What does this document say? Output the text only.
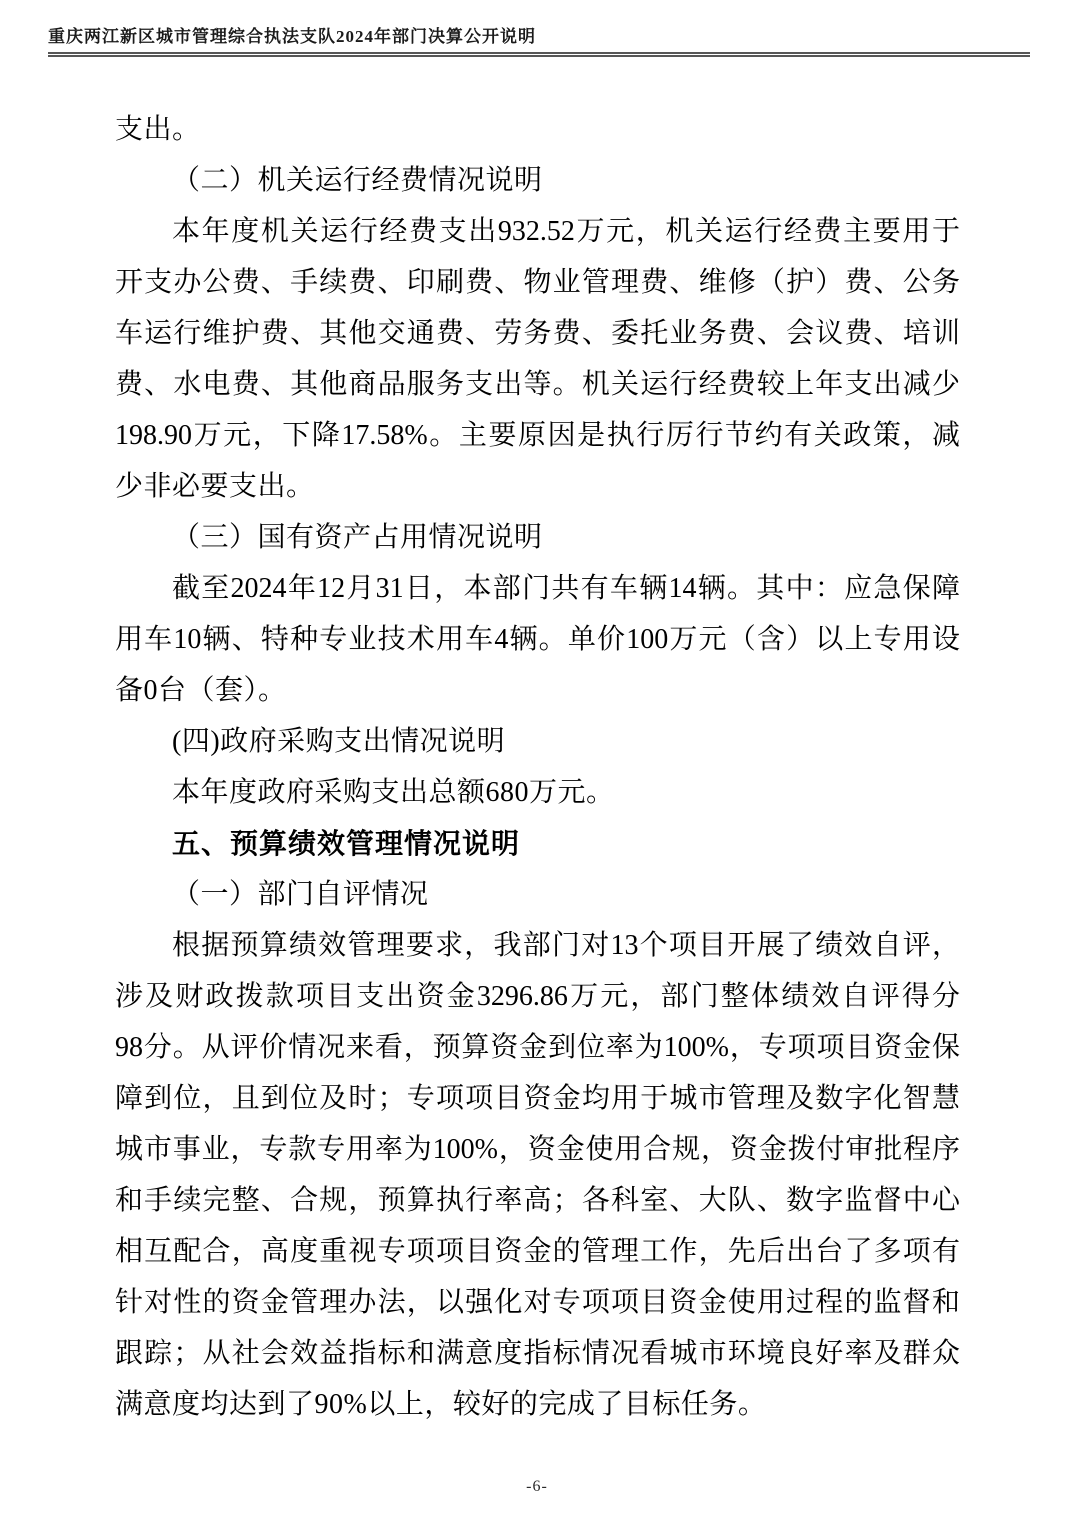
重庆两江新区城市管理综合执法支队2024年部门决算公开说明
支出。
（二）机关运行经费情况说明
本年度机关运行经费支出932.52万元，机关运行经费主要用于
开支办公费、手续费、印刷费、物业管理费、维修（护）费、公务
车运行维护费、其他交通费、劳务费、委托业务费、会议费、培训
费、水电费、其他商品服务支出等。机关运行经费较上年支出减少
198.90万元，下降17.58%。主要原因是执行厉行节约有关政策，减
少非必要支出。
（三）国有资产占用情况说明
截至2024年12月31日，本部门共有车辆14辆。其中：应急保障
用车10辆、特种专业技术用车4辆。单价100万元（含）以上专用设
备0台（套）。
(四)政府采购支出情况说明
本年度政府采购支出总额680万元。
五、预算绩效管理情况说明
（一）部门自评情况
根据预算绩效管理要求，我部门对13个项目开展了绩效自评，
涉及财政拨款项目支出资金3296.86万元，部门整体绩效自评得分
98分。从评价情况来看，预算资金到位率为100%，专项项目资金保
障到位，且到位及时；专项项目资金均用于城市管理及数字化智慧
城市事业，专款专用率为100%，资金使用合规，资金拨付审批程序
和手续完整、合规，预算执行率高；各科室、大队、数字监督中心
相互配合，高度重视专项项目资金的管理工作，先后出台了多项有
针对性的资金管理办法，以强化对专项项目资金使用过程的监督和
跟踪；从社会效益指标和满意度指标情况看城市环境良好率及群众
满意度均达到了90%以上，较好的完成了目标任务。
-6-
